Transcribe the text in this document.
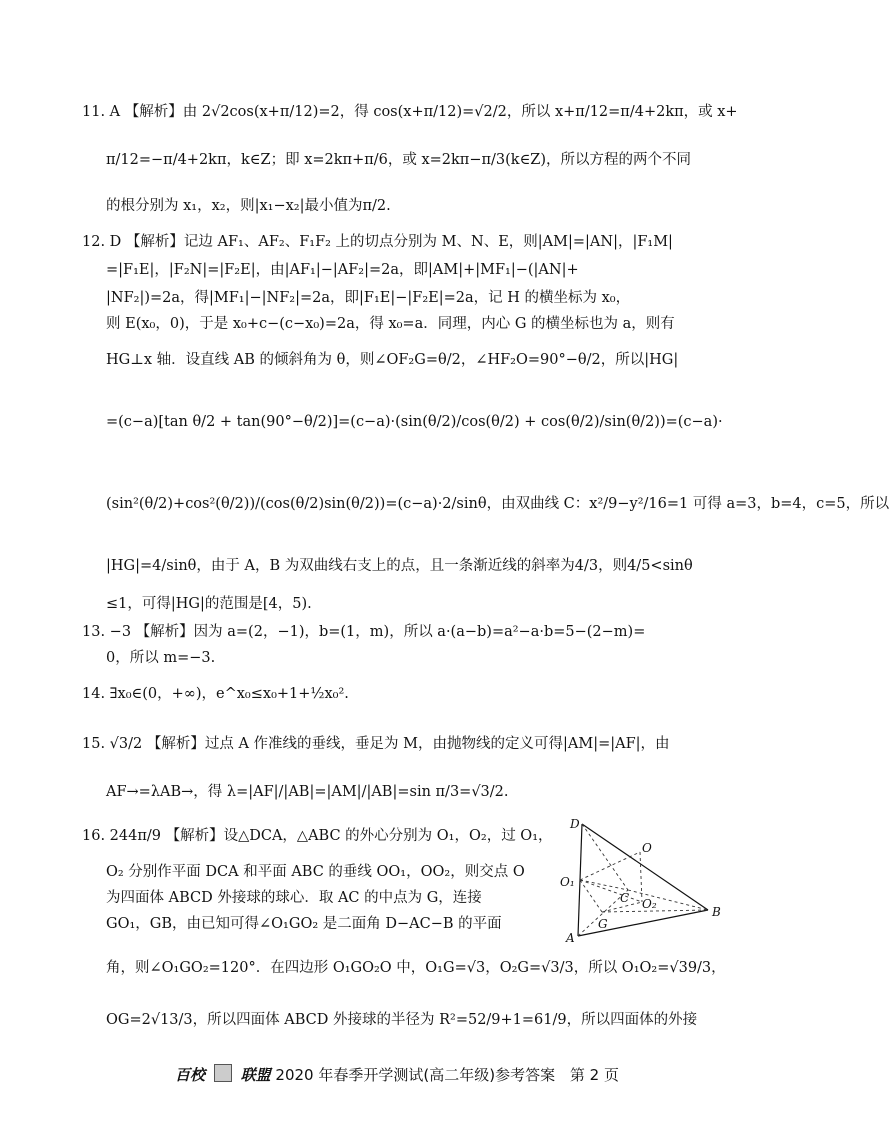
11. A 【解析】由 2√2cos(x+π/12)=2，得 cos(x+π/12)=√2/2，所以 x+π/12=π/4+2kπ，或 x+
π/12=−π/4+2kπ，k∈Z；即 x=2kπ+π/6，或 x=2kπ−π/3(k∈Z)，所以方程的两个不同
的根分别为 x₁，x₂，则|x₁−x₂|最小值为π/2.
12. D 【解析】记边 AF₁、AF₂、F₁F₂ 上的切点分别为 M、N、E，则|AM|=|AN|，|F₁M|
=|F₁E|，|F₂N|=|F₂E|，由|AF₁|−|AF₂|=2a，即|AM|+|MF₁|−(|AN|+
|NF₂|)=2a，得|MF₁|−|NF₂|=2a，即|F₁E|−|F₂E|=2a，记 H 的横坐标为 x₀，
则 E(x₀，0)，于是 x₀+c−(c−x₀)=2a，得 x₀=a．同理，内心 G 的横坐标也为 a，则有
HG⊥x 轴．设直线 AB 的倾斜角为 θ，则∠OF₂G=θ/2，∠HF₂O=90°−θ/2，所以|HG|
=(c−a)[tan θ/2 + tan(90°−θ/2)]=(c−a)·(sin(θ/2)/cos(θ/2) + cos(θ/2)/sin(θ/2))=(c−a)·
(sin²(θ/2)+cos²(θ/2))/(cos(θ/2)sin(θ/2))=(c−a)·2/sinθ，由双曲线 C：x²/9−y²/16=1 可得 a=3，b=4，c=5，所以
|HG|=4/sinθ，由于 A，B 为双曲线右支上的点，且一条渐近线的斜率为4/3，则4/5<sinθ
≤1，可得|HG|的范围是[4，5).
13. −3 【解析】因为 a=(2，−1)，b=(1，m)，所以 a·(a−b)=a²−a·b=5−(2−m)=
0，所以 m=−3.
14. ∃x₀∈(0，+∞)，e^x₀≤x₀+1+½x₀².
15. √3/2 【解析】过点 A 作准线的垂线，垂足为 M，由抛物线的定义可得|AM|=|AF|，由
AF→=λAB→，得 λ=|AF|/|AB|=|AM|/|AB|=sin π/3=√3/2.
16. 244π/9 【解析】设△DCA，△ABC 的外心分别为 O₁，O₂，过 O₁，
O₂ 分别作平面 DCA 和平面 ABC 的垂线 OO₁，OO₂，则交点 O
为四面体 ABCD 外接球的球心．取 AC 的中点为 G，连接
GO₁，GB，由已知可得∠O₁GO₂ 是二面角 D−AC−B 的平面
角，则∠O₁GO₂=120°．在四边形 O₁GO₂O 中，O₁G=√3，O₂G=√3/3，所以 O₁O₂=√39/3，
OG=2√13/3，所以四面体 ABCD 外接球的半径为 R²=52/9+1=61/9，所以四面体的外接
D
O
O₁
C O₂
G
A
B
百校 联盟 2020 年春季开学测试(高二年级)参考答案 第 2 页
